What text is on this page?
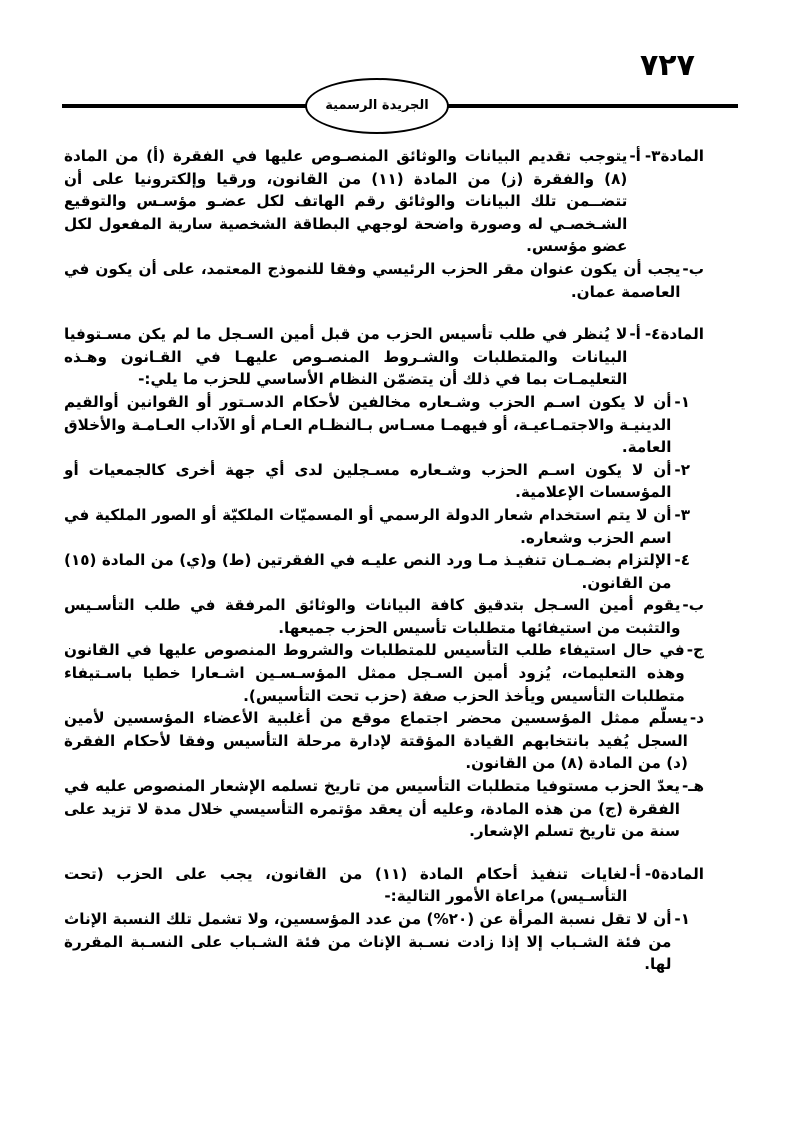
٧٢٧
الجريدة الرسمية
المادة٣-
أ-
يتوجب تقديم البيانات والوثائق المنصـوص عليها في الفقرة (أ) من المادة (٨) والفقرة (ز) من المادة (١١) من القانون، ورقيا وإلكترونيا على أن تتضــمن تلك البيانات والوثائق رقم الهاتف لكل عضـو مؤسـس والتوقيع الشـخصـي له وصورة واضحة لوجهي البطاقة الشخصية سارية المفعول لكل عضو مؤسس.
ب-
يجب أن يكون عنوان مقر الحزب الرئيسي وفقا للنموذج المعتمد، على أن يكون في العاصمة عمان.
المادة٤-
أ-
لا يُنظر في طلب تأسيس الحزب من قبل أمين السـجل ما لم يكن مسـتوفيا البيانات والمتطلبات والشـروط المنصـوص عليهـا في القـانون وهـذه التعليمـات بما في ذلك أن يتضمّن النظام الأساسي للحزب ما يلي:-
١-
أن لا يكون اسـم الحزب وشـعاره مخالفين لأحكام الدسـتور أو القوانين أوالقيم الدينيـة والاجتمـاعيـة، أو فيهمـا مسـاس بـالنظـام العـام أو الآداب العـامـة والأخلاق العامة.
٢-
أن لا يكون اسـم الحزب وشـعاره مسـجلين لدى أي جهة أخرى كالجمعيات أو المؤسسات الإعلامية.
٣-
أن لا يتم استخدام شعار الدولة الرسمي أو المسميّات الملكيّة أو الصور الملكية في اسم الحزب وشعاره.
٤-
الإلتزام بضـمـان تنفيـذ مـا ورد النص عليـه في الفقرتين (ط) و(ي) من المادة (١٥) من القانون.
ب-
يقوم أمين السـجل بتدقيق كافة البيانات والوثائق المرفقة في طلب التأسـيس والتثبت من استيفائها متطلبات تأسيس الحزب جميعها.
ج-
في حال استيفاء طلب التأسيس للمتطلبات والشروط المنصوص عليها في القانون وهذه التعليمات، يُزود أمين السـجل ممثل المؤسـسـين اشـعارا خطيا باسـتيفاء متطلبات التأسيس ويأخذ الحزب صفة (حزب تحت التأسيس).
د-
يسلّم ممثل المؤسسين محضر اجتماع موقع من أغلبية الأعضاء المؤسسين لأمين السجل يُفيد بانتخابهم القيادة المؤقتة لإدارة مرحلة التأسيس وفقا لأحكام الفقرة (د) من المادة (٨) من القانون.
هـ-
يعدّ الحزب مستوفيا متطلبات التأسيس من تاريخ تسلمه الإشعار المنصوص عليه في الفقرة (ج) من هذه المادة، وعليه أن يعقد مؤتمره التأسيسي خلال مدة لا تزيد على سنة من تاريخ تسلم الإشعار.
المادة٥-
أ-
لغايات تنفيذ أحكام المادة (١١) من القانون، يجب على الحزب (تحت التأسـيس) مراعاة الأمور التالية:-
١-
أن لا تقل نسبة المرأة عن (٢٠%) من عدد المؤسسين، ولا تشمل تلك النسبة الإناث من فئة الشـباب إلا إذا زادت نسـبة الإناث من فئة الشـباب على النسـبة المقررة لها.
